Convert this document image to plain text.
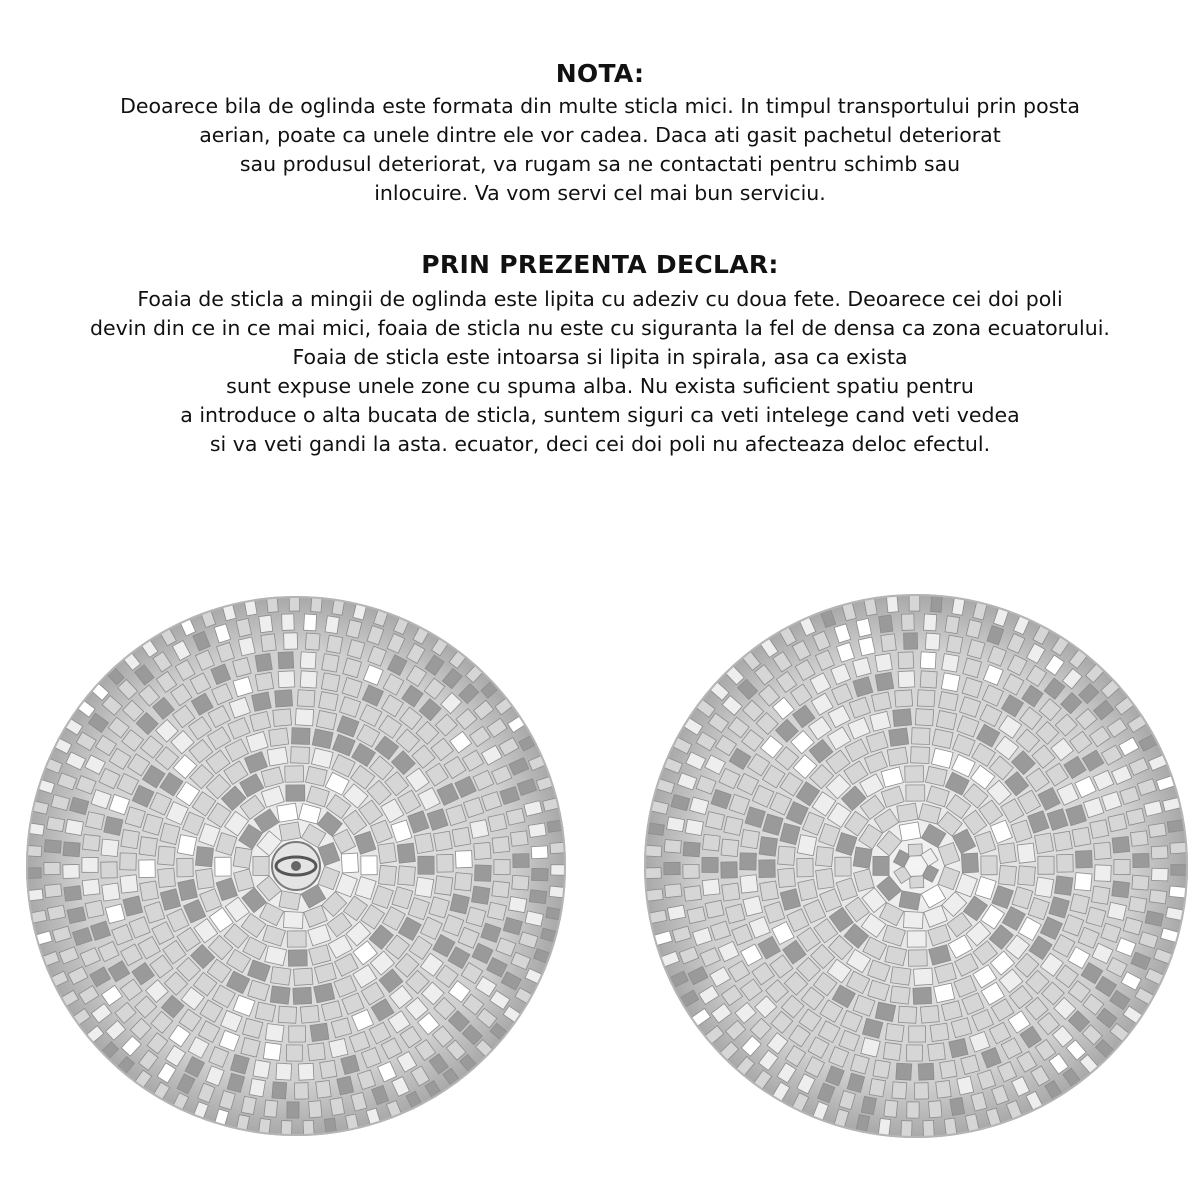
NOTA:
Deoarece bila de oglinda este formata din multe sticla mici. In timpul transportului prin posta
aerian, poate ca unele dintre ele vor cadea. Daca ati gasit pachetul deteriorat
sau produsul deteriorat, va rugam sa ne contactati pentru schimb sau
inlocuire. Va vom servi cel mai bun serviciu.
PRIN PREZENTA DECLAR:
Foaia de sticla a mingii de oglinda este lipita cu adeziv cu doua fete. Deoarece cei doi poli
devin din ce in ce mai mici, foaia de sticla nu este cu siguranta la fel de densa ca zona ecuatorului.
Foaia de sticla este intoarsa si lipita in spirala, asa ca exista
sunt expuse unele zone cu spuma alba. Nu exista suficient spatiu pentru
a introduce o alta bucata de sticla, suntem siguri ca veti intelege cand veti vedea
si va veti gandi la asta. ecuator, deci cei doi poli nu afecteaza deloc efectul.
